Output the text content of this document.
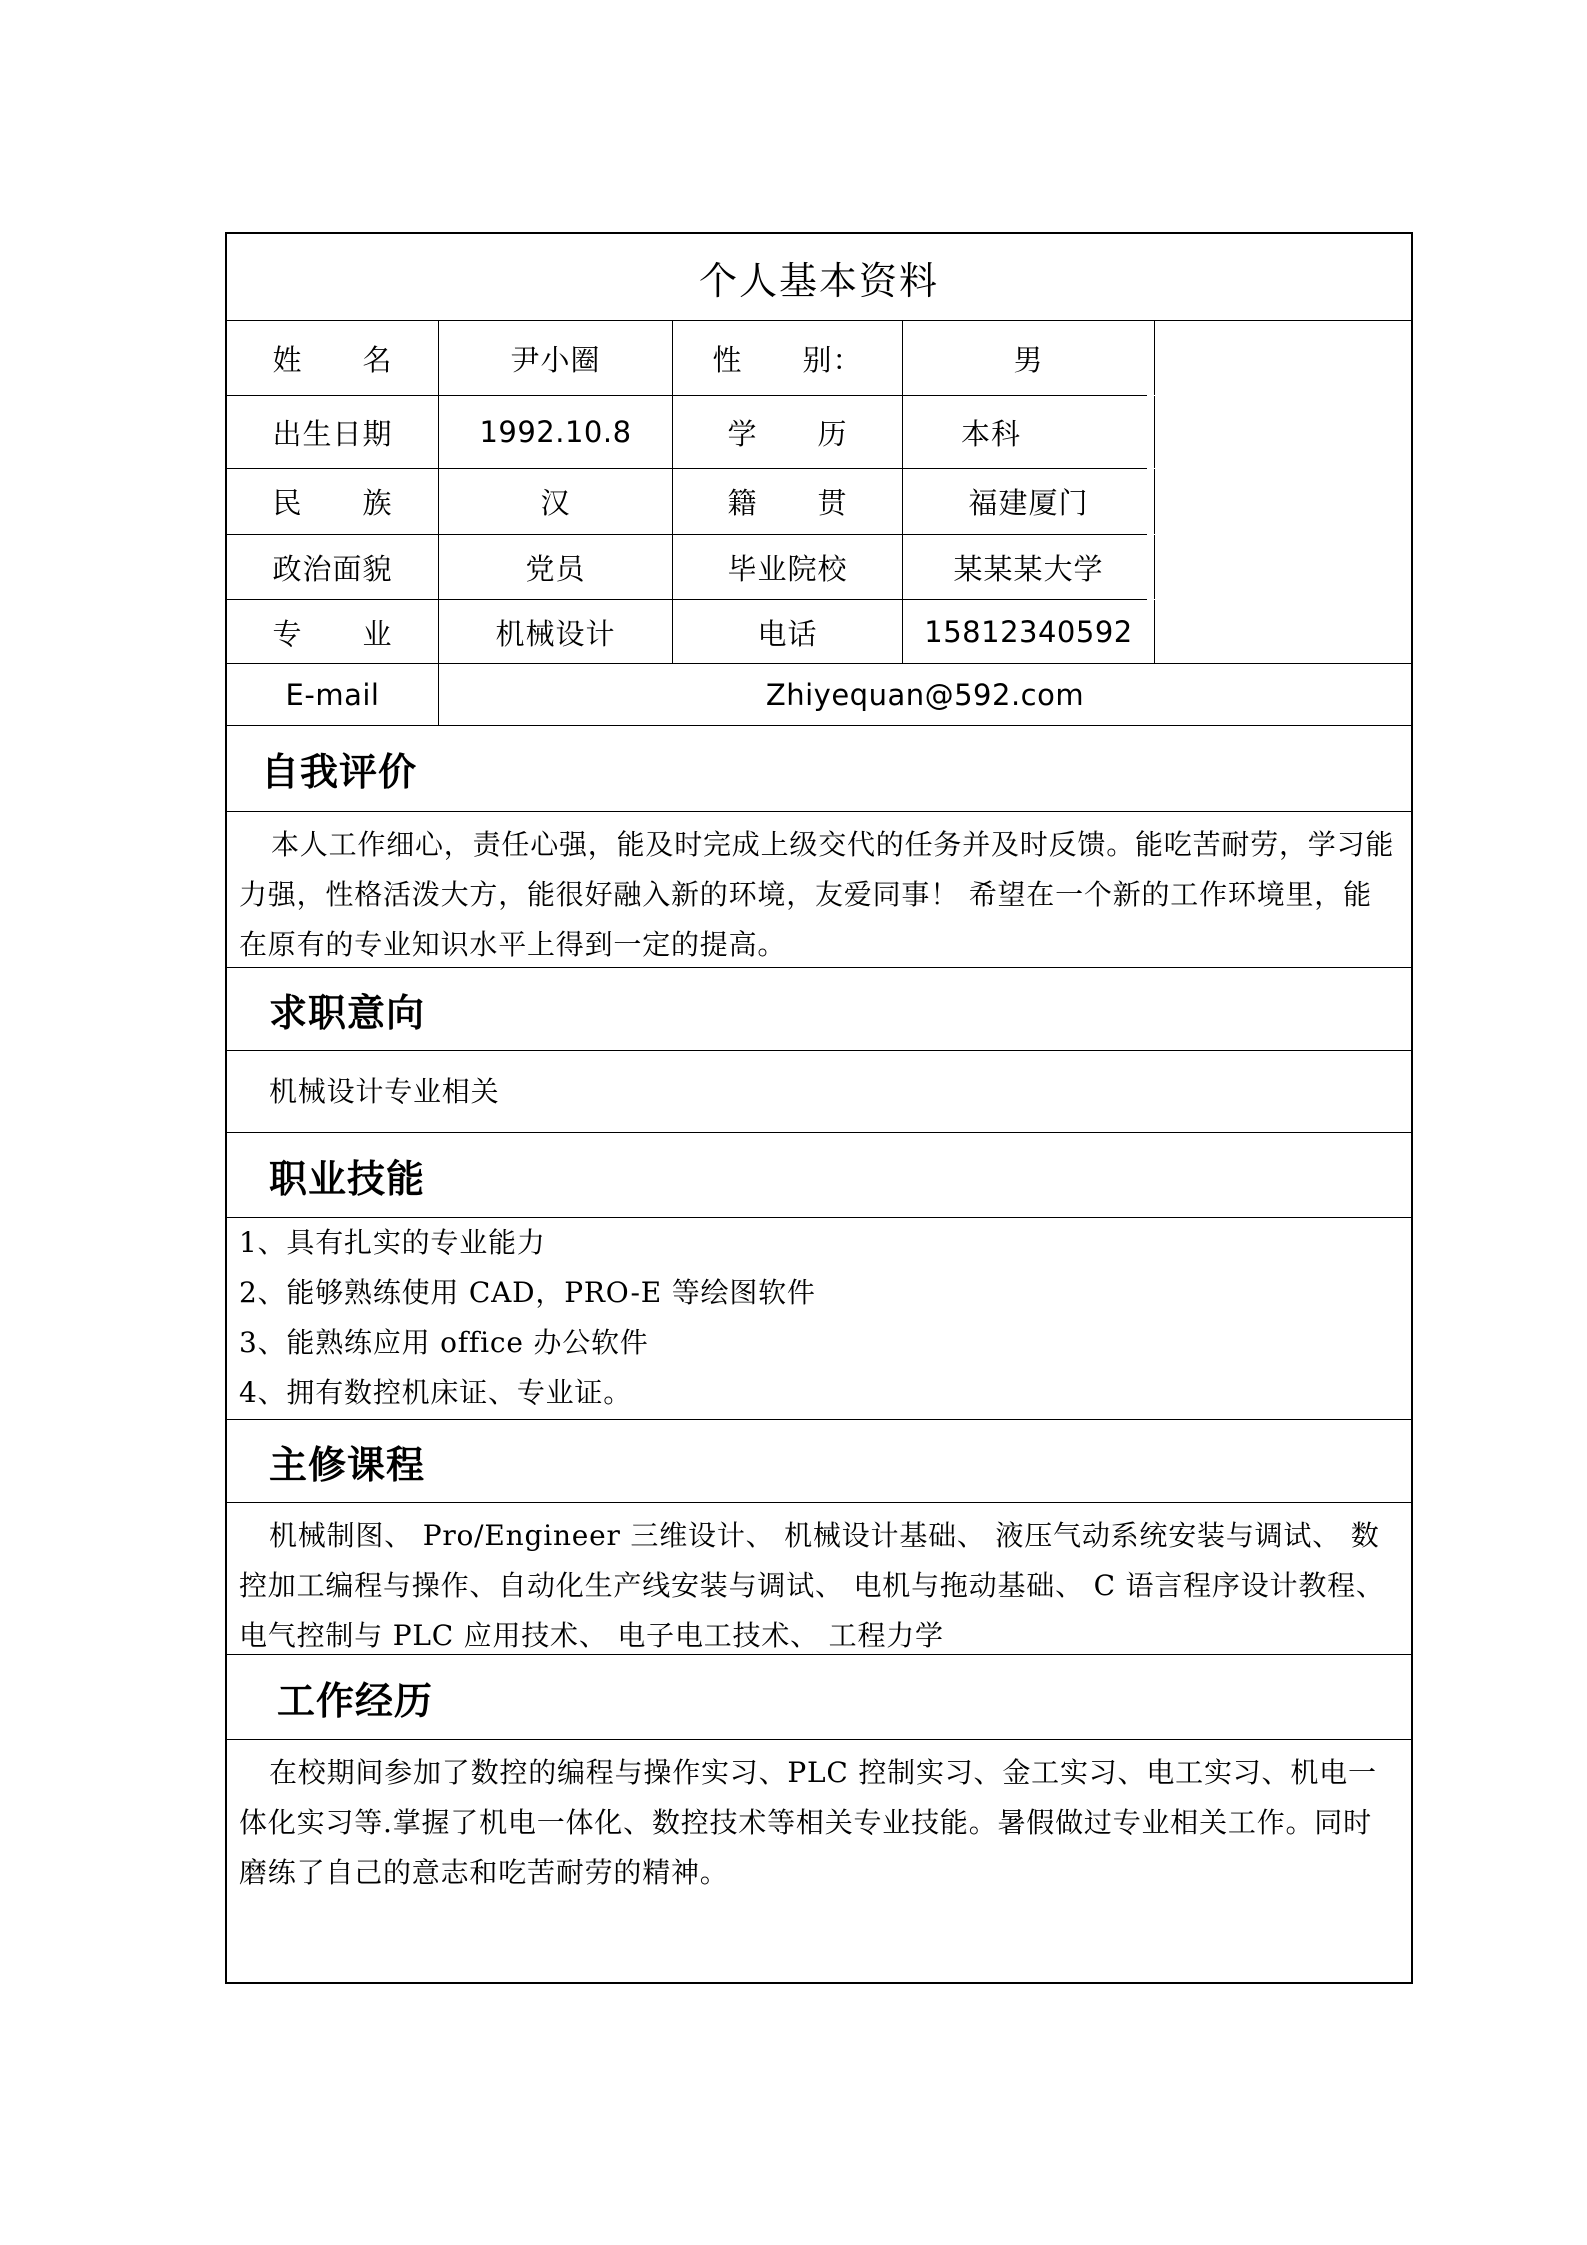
个人基本资料
姓　　名	尹小圈	性　　别：	男
出生日期	1992.10.8	学　　历	本科
民　　族	汉	籍　　贯	福建厦门
政治面貌	党员	毕业院校	某某某大学
专　　业	机械设计	电话	15812340592
E-mail	Zhiyequan@592.com
自我评价
本人工作细心，责任心强，能及时完成上级交代的任务并及时反馈。能吃苦耐劳，学习能力强，性格活泼大方，能很好融入新的环境，友爱同事！ 希望在一个新的工作环境里，能在原有的专业知识水平上得到一定的提高。
求职意向
机械设计专业相关
职业技能
1、具有扎实的专业能力
2、能够熟练使用 CAD，PRO-E 等绘图软件
3、能熟练应用 office 办公软件
4、拥有数控机床证、专业证。
主修课程
机械制图、 Pro/Engineer 三维设计、 机械设计基础、 液压气动系统安装与调试、 数控加工编程与操作、自动化生产线安装与调试、 电机与拖动基础、 C 语言程序设计教程、 电气控制与 PLC 应用技术、 电子电工技术、 工程力学
工作经历
在校期间参加了数控的编程与操作实习、PLC 控制实习、金工实习、电工实习、机电一体化实习等.掌握了机电一体化、数控技术等相关专业技能。暑假做过专业相关工作。同时磨练了自己的意志和吃苦耐劳的精神。
